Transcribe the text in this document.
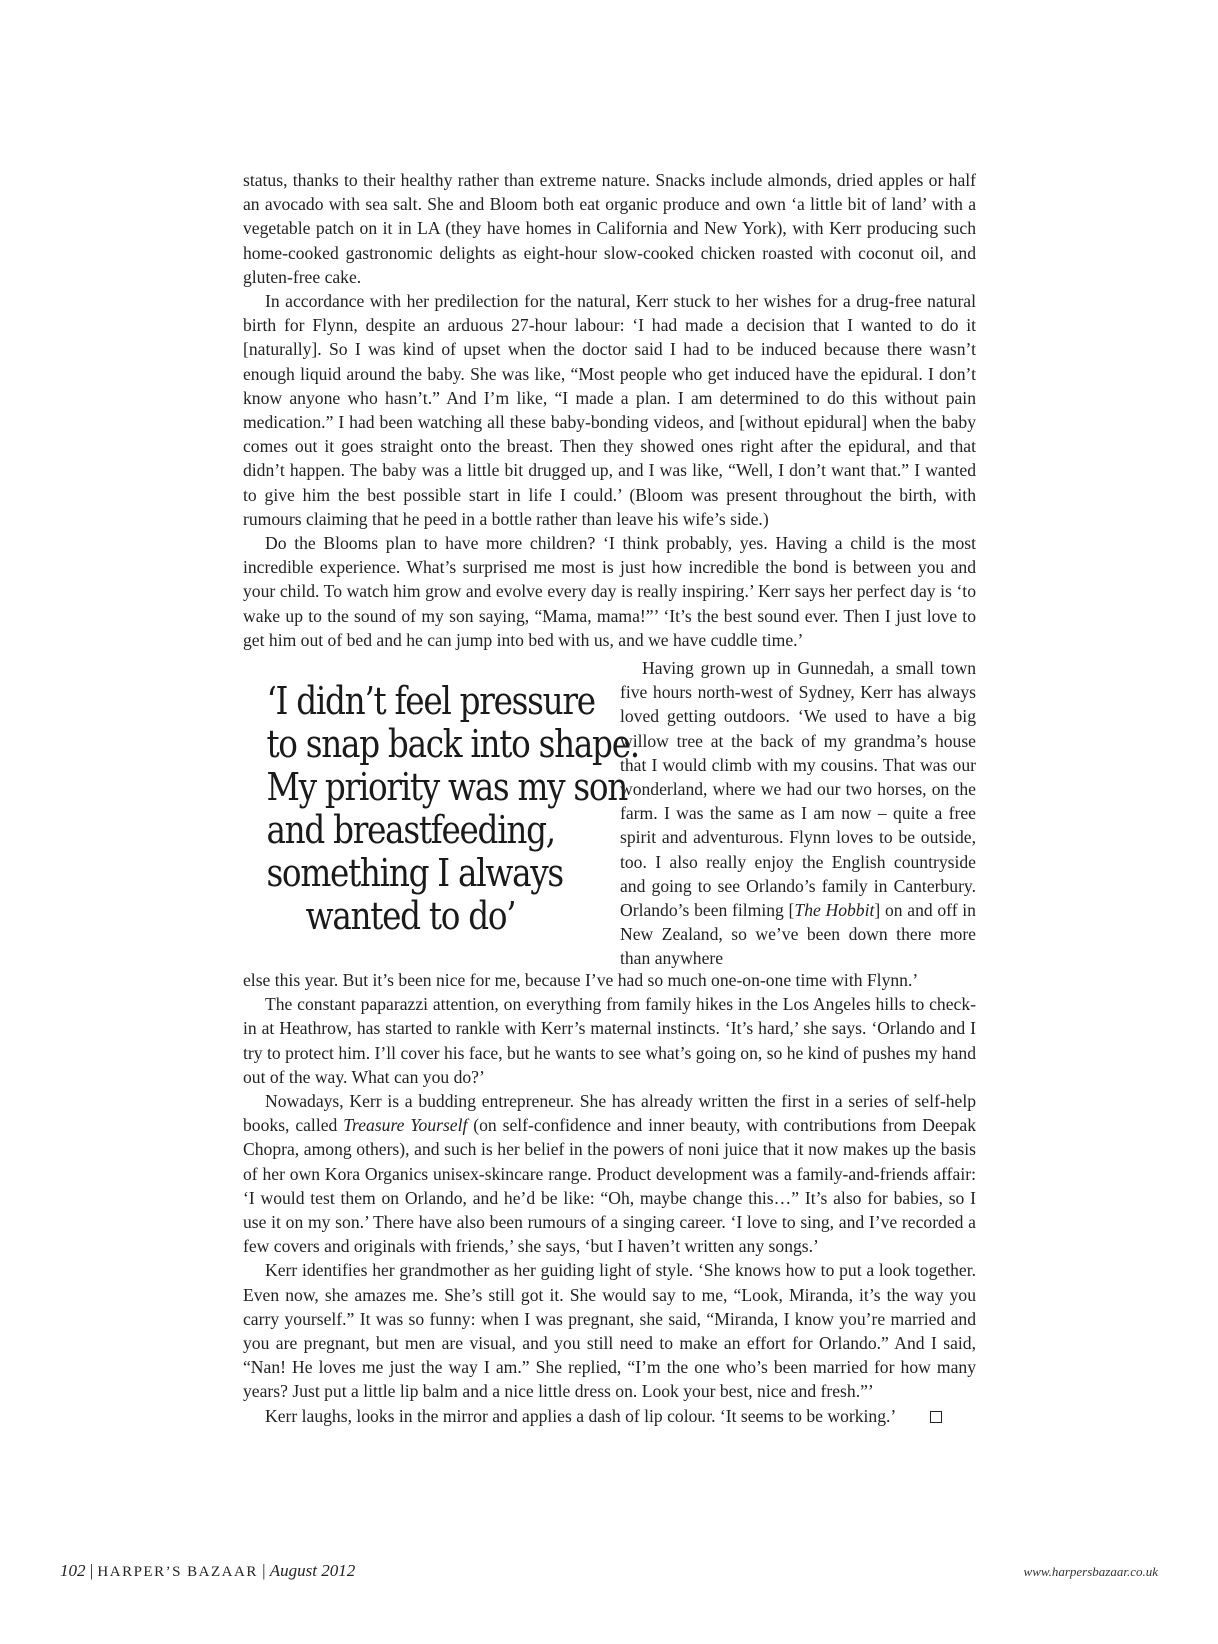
status, thanks to their healthy rather than extreme nature. Snacks include almonds, dried apples or half an avocado with sea salt. She and Bloom both eat organic produce and own ‘a little bit of land’ with a vegetable patch on it in LA (they have homes in California and New York), with Kerr producing such home-cooked gastronomic delights as eight-hour slow-cooked chicken roasted with coconut oil, and gluten-free cake.

In accordance with her predilection for the natural, Kerr stuck to her wishes for a drug-free natural birth for Flynn, despite an arduous 27-hour labour: ‘I had made a decision that I wanted to do it [naturally]. So I was kind of upset when the doctor said I had to be induced because there wasn’t enough liquid around the baby. She was like, “Most people who get induced have the epidural. I don’t know anyone who hasn’t.” And I’m like, “I made a plan. I am determined to do this without pain medication.” I had been watching all these baby-bonding videos, and [without epidural] when the baby comes out it goes straight onto the breast. Then they showed ones right after the epidural, and that didn’t happen. The baby was a little bit drugged up, and I was like, “Well, I don’t want that.” I wanted to give him the best possible start in life I could.’ (Bloom was present throughout the birth, with rumours claiming that he peed in a bottle rather than leave his wife’s side.)

Do the Blooms plan to have more children? ‘I think probably, yes. Having a child is the most incredible experience. What’s surprised me most is just how incredible the bond is between you and your child. To watch him grow and evolve every day is really inspiring.’ Kerr says her perfect day is ‘to wake up to the sound of my son saying, “Mama, mama!”’ ‘It’s the best sound ever. Then I just love to get him out of bed and he can jump into bed with us, and we have cuddle time.’

‘I didn’t feel pressure
to snap back into shape.
My priority was my son
and breastfeeding,
something I always
wanted to do’

Having grown up in Gunnedah, a small town five hours north-west of Sydney, Kerr has always loved getting outdoors. ‘We used to have a big willow tree at the back of my grandma’s house that I would climb with my cousins. That was our wonderland, where we had our two horses, on the farm. I was the same as I am now – quite a free spirit and adventurous. Flynn loves to be outside, too. I also really enjoy the English countryside and going to see Orlando’s family in Canterbury. Orlando’s been filming [The Hobbit] on and off in New Zealand, so we’ve been down there more than anywhere

else this year. But it’s been nice for me, because I’ve had so much one-on-one time with Flynn.’

The constant paparazzi attention, on everything from family hikes in the Los Angeles hills to check-in at Heathrow, has started to rankle with Kerr’s maternal instincts. ‘It’s hard,’ she says. ‘Orlando and I try to protect him. I’ll cover his face, but he wants to see what’s going on, so he kind of pushes my hand out of the way. What can you do?’

Nowadays, Kerr is a budding entrepreneur. She has already written the first in a series of self-help books, called Treasure Yourself (on self-confidence and inner beauty, with contributions from Deepak Chopra, among others), and such is her belief in the powers of noni juice that it now makes up the basis of her own Kora Organics unisex-skincare range. Product development was a family-and-friends affair: ‘I would test them on Orlando, and he’d be like: “Oh, maybe change this…” It’s also for babies, so I use it on my son.’ There have also been rumours of a singing career. ‘I love to sing, and I’ve recorded a few covers and originals with friends,’ she says, ‘but I haven’t written any songs.’

Kerr identifies her grandmother as her guiding light of style. ‘She knows how to put a look together. Even now, she amazes me. She’s still got it. She would say to me, “Look, Miranda, it’s the way you carry yourself.” It was so funny: when I was pregnant, she said, “Miranda, I know you’re married and you are pregnant, but men are visual, and you still need to make an effort for Orlando.” And I said, “Nan! He loves me just the way I am.” She replied, “I’m the one who’s been married for how many years? Just put a little lip balm and a nice little dress on. Look your best, nice and fresh.”’

Kerr laughs, looks in the mirror and applies a dash of lip colour. ‘It seems to be working.’

102 | HARPER’S BAZAAR | August 2012	www.harpersbazaar.co.uk
